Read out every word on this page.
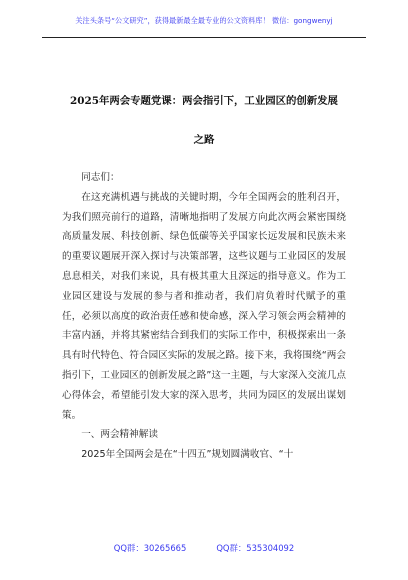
关注头条号“公文研究”，获得最新最全最专业的公文资料库！ 微信：gongwenyj
2025年两会专题党课：两会指引下，工业园区的创新发展
之路

同志们：

在这充满机遇与挑战的关键时期，今年全国两会的胜利召开，为我们照亮前行的道路，清晰地指明了发展方向此次两会紧密围绕高质量发展、科技创新、绿色低碳等关乎国家长远发展和民族未来的重要议题展开深入探讨与决策部署，这些议题与工业园区的发展息息相关，对我们来说，具有极其重大且深远的指导意义。作为工业园区建设与发展的参与者和推动者，我们肩负着时代赋予的重任，必须以高度的政治责任感和使命感，深入学习领会两会精神的丰富内涵，并将其紧密结合到我们的实际工作中，积极探索出一条具有时代特色、符合园区实际的发展之路。接下来，我将围绕“两会指引下，工业园区的创新发展之路”这一主题，与大家深入交流几点心得体会，希望能引发大家的深入思考，共同为园区的发展出谋划策。

一、两会精神解读

2025年全国两会是在“十四五”规划圆满收官、“十

QQ群：30265665	QQ群：535304092
